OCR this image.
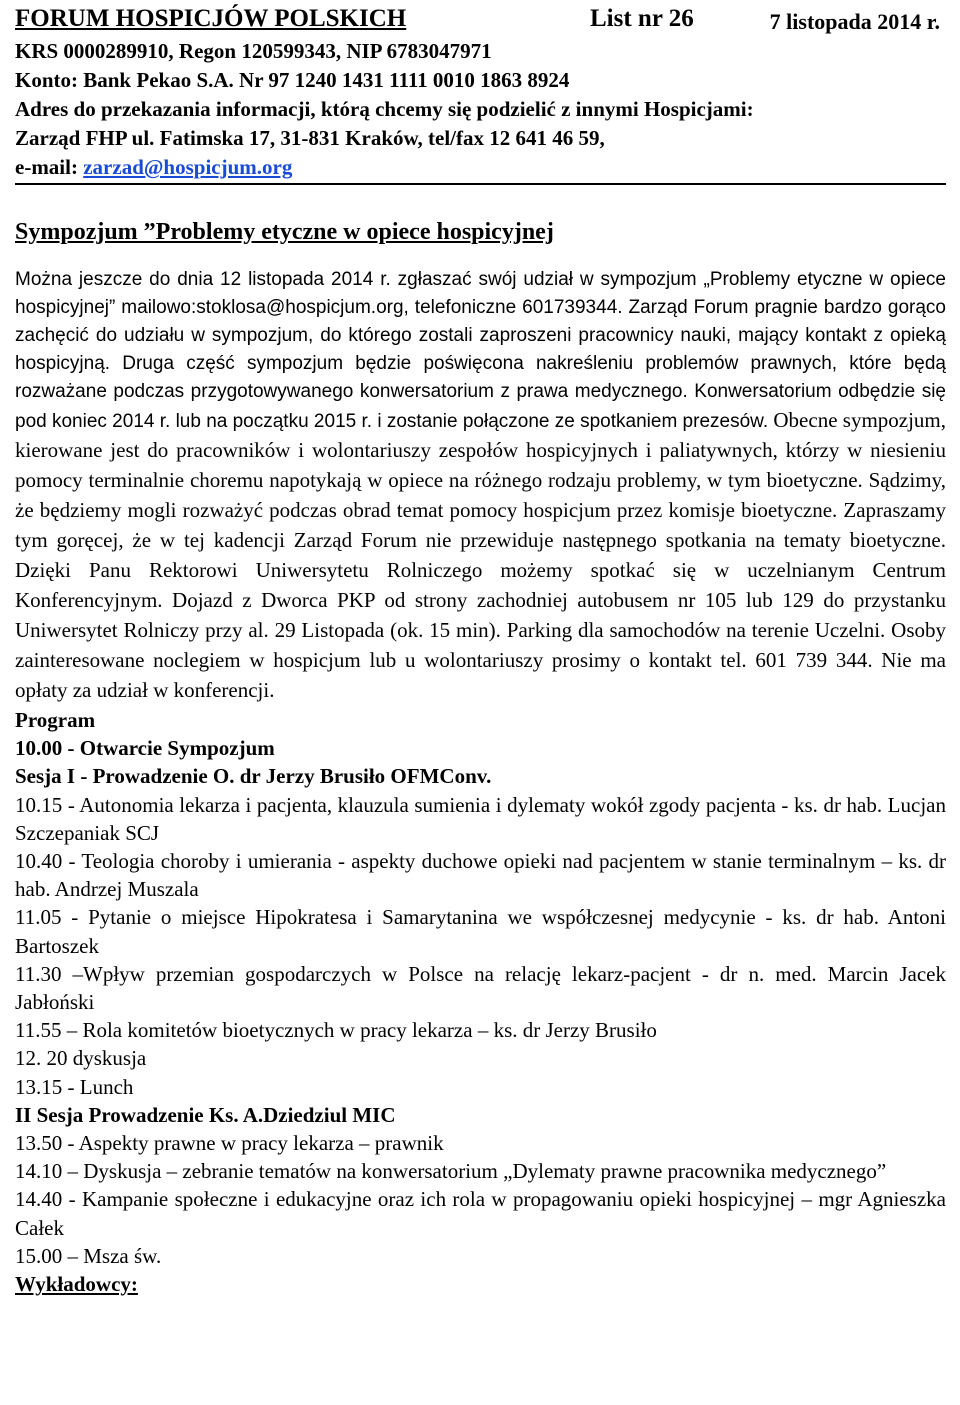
FORUM HOSPICJÓW POLSKICH	List nr 26	7 listopada 2014 r.
KRS 0000289910, Regon 120599343, NIP 6783047971
Konto: Bank Pekao S.A. Nr 97 1240 1431 1111 0010 1863 8924
Adres do przekazania informacji, którą chcemy się podzielić z innymi Hospicjami:
Zarząd FHP ul. Fatimska 17, 31-831 Kraków, tel/fax 12 641 46 59,
e-mail: zarzad@hospicjum.org
Sympozjum ”Problemy etyczne w opiece hospicyjnej
Można jeszcze do dnia 12 listopada 2014 r. zgłaszać swój udział w sympozjum „Problemy etyczne w opiece hospicyjnej” mailowo:stoklosa@hospicjum.org, telefoniczne 601739344. Zarząd Forum pragnie bardzo gorąco zachęcić do udziału w sympozjum, do którego zostali zaproszeni pracownicy nauki, mający kontakt z opieką hospicyjną. Druga część sympozjum będzie poświęcona nakreśleniu problemów prawnych, które będą rozważane podczas przygotowywanego konwersatorium z prawa medycznego. Konwersatorium odbędzie się pod koniec 2014 r. lub na początku 2015 r. i zostanie połączone ze spotkaniem prezesów. Obecne sympozjum, kierowane jest do pracowników i wolontariuszy zespołów hospicyjnych i paliatywnych, którzy w niesieniu pomocy terminalnie choremu napotykają w opiece na różnego rodzaju problemy, w tym bioetyczne. Sądzimy, że będziemy mogli rozważyć podczas obrad temat pomocy hospicjum przez komisje bioetyczne. Zapraszamy tym goręcej, że w tej kadencji Zarząd Forum nie przewiduje następnego spotkania na tematy bioetyczne. Dzięki Panu Rektorowi Uniwersytetu Rolniczego możemy spotkać się w uczelnianym Centrum Konferencyjnym. Dojazd z Dworca PKP od strony zachodniej autobusem nr 105 lub 129 do przystanku Uniwersytet Rolniczy przy al. 29 Listopada (ok. 15 min). Parking dla samochodów na terenie Uczelni. Osoby zainteresowane noclegiem w hospicjum lub u wolontariuszy prosimy o kontakt tel. 601 739 344. Nie ma opłaty za udział w konferencji.
Program
10.00 - Otwarcie Sympozjum
Sesja I - Prowadzenie O. dr Jerzy Brusiło OFMConv.
10.15 - Autonomia lekarza i pacjenta, klauzula sumienia i dylematy wokół zgody pacjenta - ks. dr hab. Lucjan Szczepaniak SCJ
10.40 - Teologia choroby i umierania - aspekty duchowe opieki nad pacjentem w stanie terminalnym – ks. dr hab. Andrzej Muszala
11.05 - Pytanie o miejsce Hipokratesa i Samarytanina we współczesnej medycynie - ks. dr hab. Antoni Bartoszek
11.30 –Wpływ przemian gospodarczych w Polsce na relację lekarz-pacjent - dr n. med. Marcin Jacek Jabłoński
11.55 – Rola komitetów bioetycznych w pracy lekarza – ks. dr Jerzy Brusiło
12. 20 dyskusja
13.15 - Lunch
II Sesja Prowadzenie Ks. A.Dziedziul MIC
13.50 - Aspekty prawne w pracy lekarza – prawnik
14.10 – Dyskusja – zebranie tematów na konwersatorium „Dylematy prawne pracownika medycznego”
14.40 - Kampanie społeczne i edukacyjne oraz ich rola w propagowaniu opieki hospicyjnej – mgr Agnieszka Całek
15.00 – Msza św.
Wykładowcy:
